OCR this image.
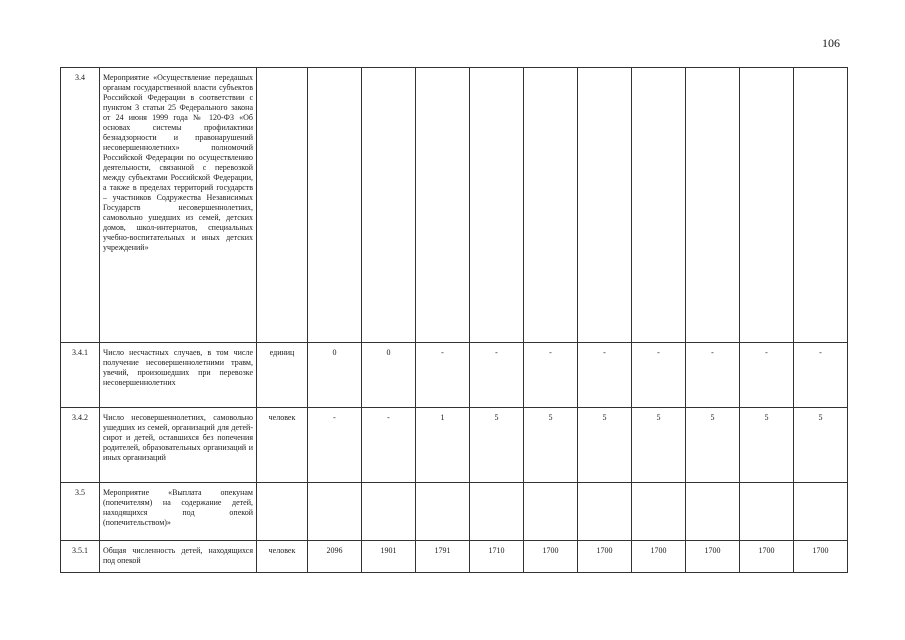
106
3.4	Мероприятие «Осуществление передашых органам государственной власти субъектов Российской Федерации в соответствии с пунктом 3 статьи 25 Федерального закона от 24 июня 1999 года № 120-ФЗ «Об основах системы профилактики безнадзорности и правонарушений несовершеннолетних» полномочий Российской Федерации по осуществлению деятельности, связанной с перевозкой между субъектами Российской Федерации, а также в пределах территорий государств – участников Содружества Независимых Государств несовершеннолетних, самовольно ушедших из семей, детских домов, школ-интернатов, специальных учебно-воспитательных и иных детских учреждений»											
3.4.1	Число несчастных случаев, в том числе получение несовершеннолетними травм, увечий, произошедших при перевозке несовершеннолетних	единиц	0	0	-	-	-	-	-	-	-	-
3.4.2	Число несовершеннолетних, самовольно ушедших из семей, организаций для детей-сирот и детей, оставшихся без попечения родителей, образовательных организаций и иных организаций	человек	-	-	1	5	5	5	5	5	5	5
3.5	Мероприятие «Выплата опекунам (попечителям) на содержание детей, находящихся под опекой (попечительством)»											
3.5.1	Общая численность детей, находящихся под опекой	человек	2096	1901	1791	1710	1700	1700	1700	1700	1700	1700
